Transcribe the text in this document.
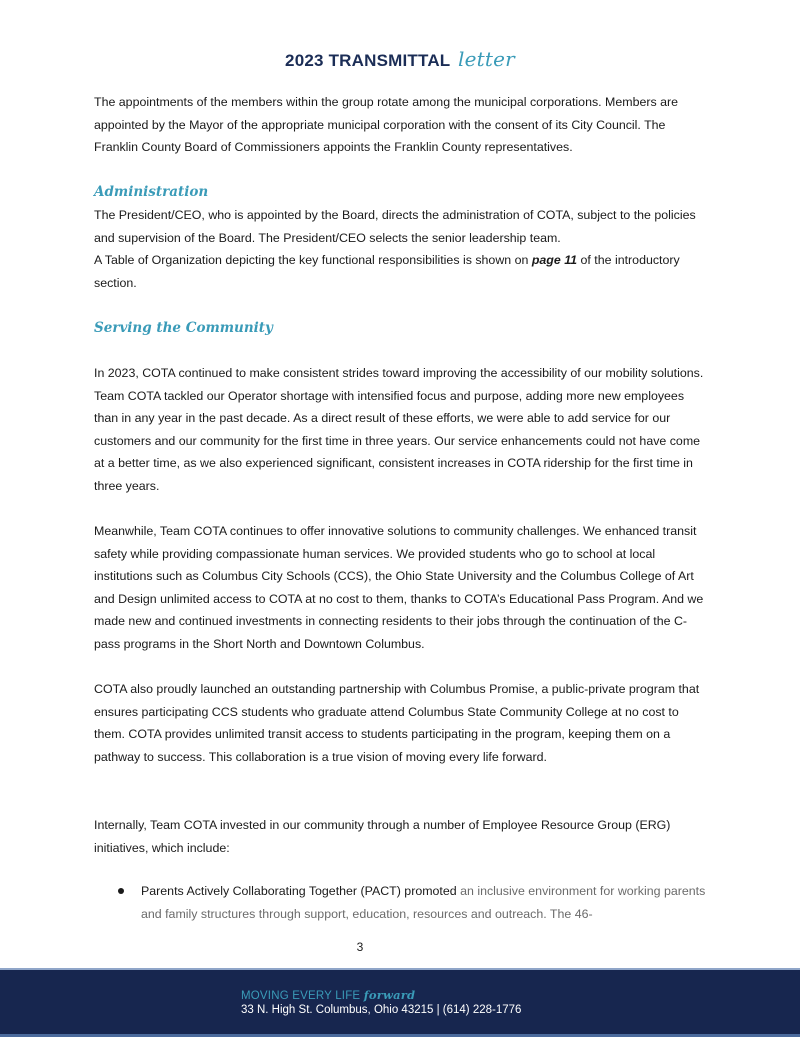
2023 TRANSMITTAL letter

The appointments of the members within the group rotate among the municipal corporations. Members are appointed by the Mayor of the appropriate municipal corporation with the consent of its City Council. The Franklin County Board of Commissioners appoints the Franklin County representatives.

Administration

The President/CEO, who is appointed by the Board, directs the administration of COTA, subject to the policies and supervision of the Board. The President/CEO selects the senior leadership team.
A Table of Organization depicting the key functional responsibilities is shown on page 11 of the introductory section.

Serving the Community

In 2023, COTA continued to make consistent strides toward improving the accessibility of our mobility solutions. Team COTA tackled our Operator shortage with intensified focus and purpose, adding more new employees than in any year in the past decade. As a direct result of these efforts, we were able to add service for our customers and our community for the first time in three years. Our service enhancements could not have come at a better time, as we also experienced significant, consistent increases in COTA ridership for the first time in three years.

Meanwhile, Team COTA continues to offer innovative solutions to community challenges. We enhanced transit safety while providing compassionate human services. We provided students who go to school at local institutions such as Columbus City Schools (CCS), the Ohio State University and the Columbus College of Art and Design unlimited access to COTA at no cost to them, thanks to COTA’s Educational Pass Program. And we made new and continued investments in connecting residents to their jobs through the continuation of the C-pass programs in the Short North and Downtown Columbus.

COTA also proudly launched an outstanding partnership with Columbus Promise, a public-private program that ensures participating CCS students who graduate attend Columbus State Community College at no cost to them. COTA provides unlimited transit access to students participating in the program, keeping them on a pathway to success. This collaboration is a true vision of moving every life forward.

Internally, Team COTA invested in our community through a number of Employee Resource Group (ERG) initiatives, which include:

Parents Actively Collaborating Together (PACT) promoted an inclusive environment for working parents and family structures through support, education, resources and outreach. The 46-
3
MOVING EVERY LIFE forward
33 N. High St. Columbus, Ohio 43215 | (614) 228-1776
